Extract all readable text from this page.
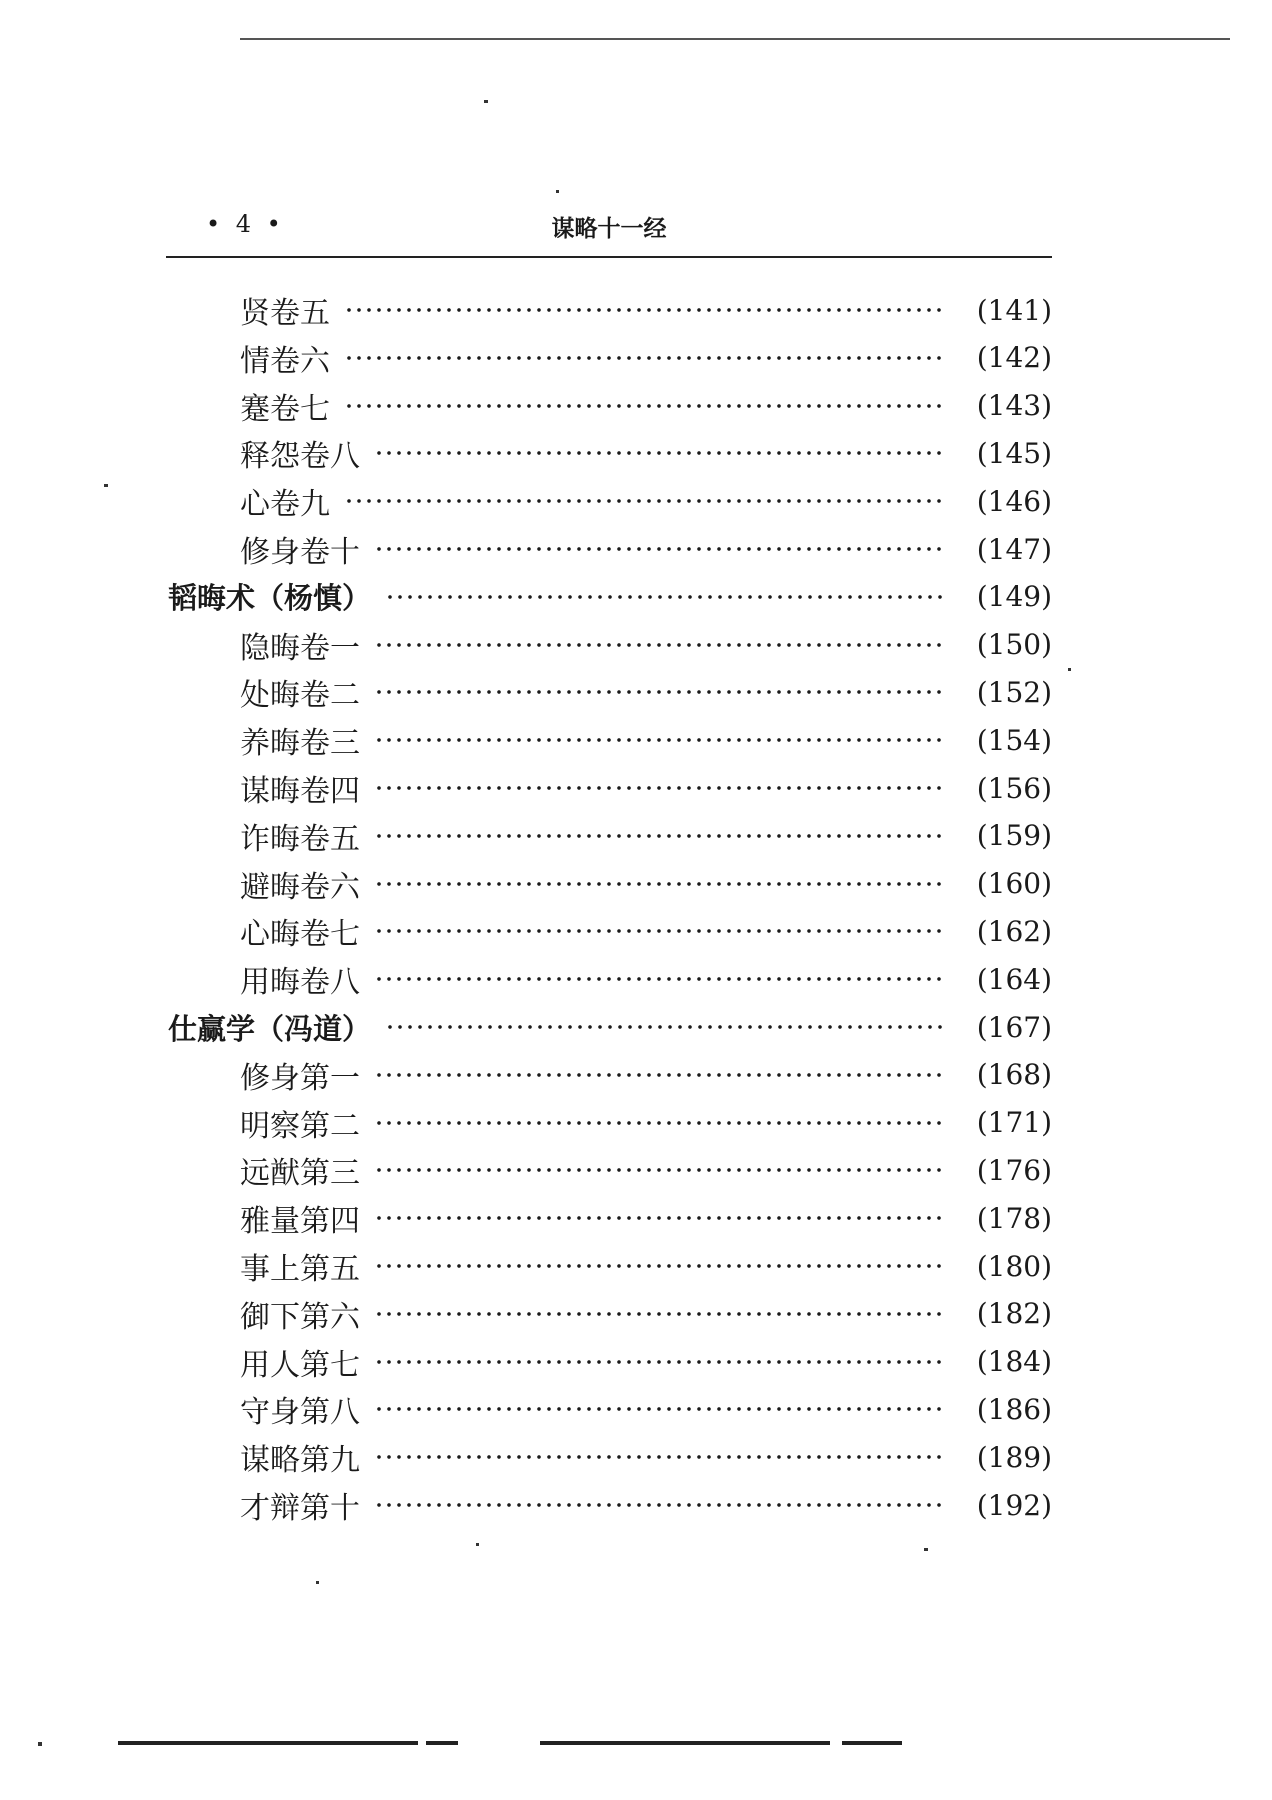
• 4 •	谋略十一经
贤卷五	(141)
情卷六	(142)
蹇卷七	(143)
释怨卷八	(145)
心卷九	(146)
修身卷十	(147)
韬晦术（杨慎）	(149)
隐晦卷一	(150)
处晦卷二	(152)
养晦卷三	(154)
谋晦卷四	(156)
诈晦卷五	(159)
避晦卷六	(160)
心晦卷七	(162)
用晦卷八	(164)
仕赢学（冯道）	(167)
修身第一	(168)
明察第二	(171)
远猷第三	(176)
雅量第四	(178)
事上第五	(180)
御下第六	(182)
用人第七	(184)
守身第八	(186)
谋略第九	(189)
才辩第十	(192)
